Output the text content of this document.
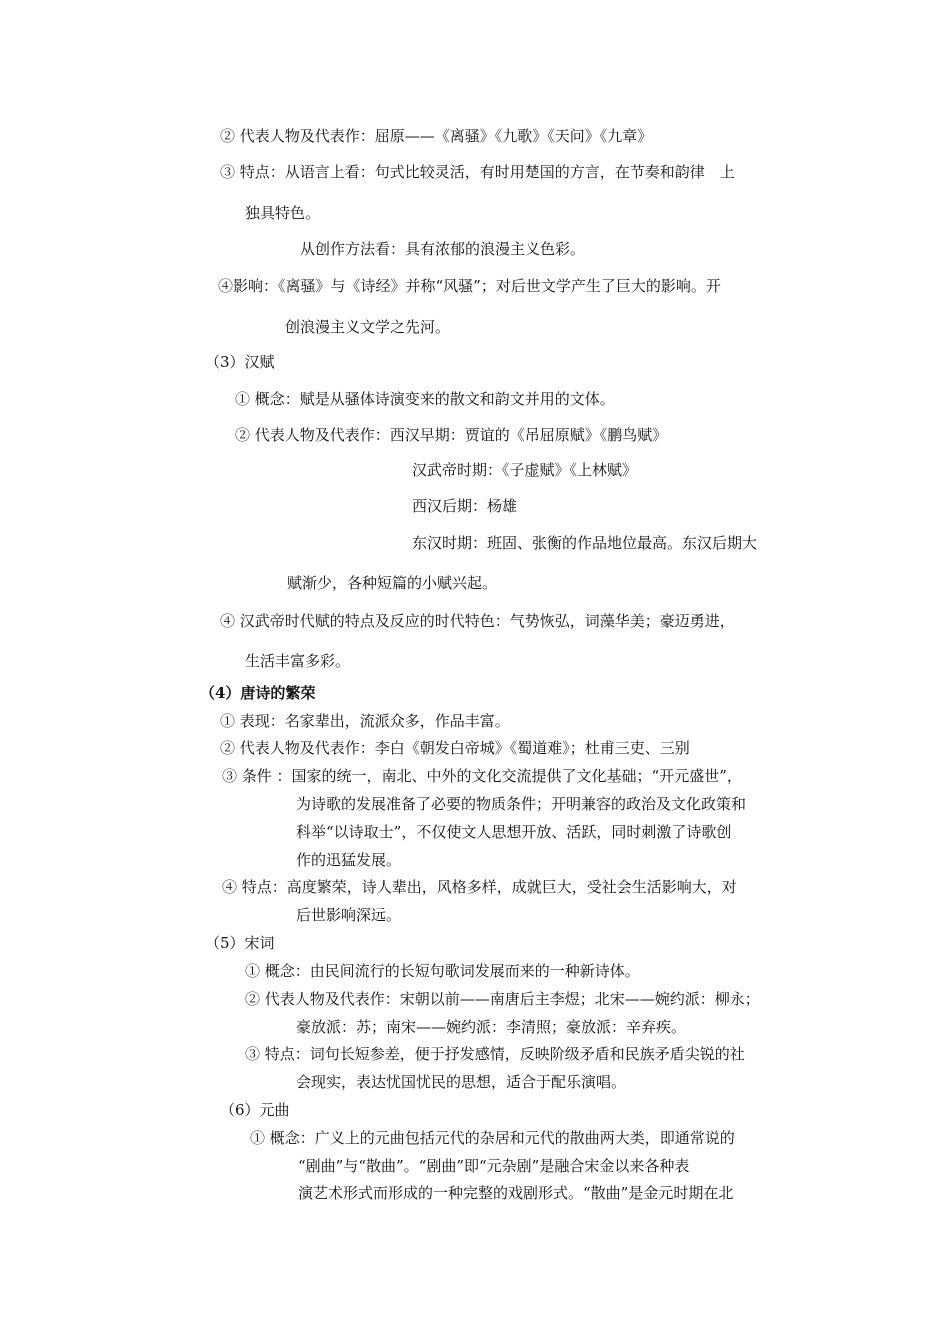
② 代表人物及代表作：屈原——《离骚》《九歌》《天问》《九章》
③ 特点：从语言上看：句式比较灵活，有时用楚国的方言，在节奏和韵律　上
独具特色。
从创作方法看：具有浓郁的浪漫主义色彩。
④影响：《离骚》与《诗经》并称“风骚”；对后世文学产生了巨大的影响。开
创浪漫主义文学之先河。
（3）汉赋
① 概念：赋是从骚体诗演变来的散文和韵文并用的文体。
② 代表人物及代表作：西汉早期：贾谊的《吊屈原赋》《鹏鸟赋》
汉武帝时期：《子虚赋》《上林赋》
西汉后期：杨雄
东汉时期：班固、张衡的作品地位最高。东汉后期大
赋渐少，各种短篇的小赋兴起。
④ 汉武帝时代赋的特点及反应的时代特色：气势恢弘，词藻华美；豪迈勇进，
生活丰富多彩。
（4）唐诗的繁荣
① 表现：名家辈出，流派众多，作品丰富。
② 代表人物及代表作：李白《朝发白帝城》《蜀道难》；杜甫三吏、三别
③ 条件 ：国家的统一，南北、中外的文化交流提供了文化基础；“开元盛世”，
为诗歌的发展准备了必要的物质条件；开明兼容的政治及文化政策和
科举“以诗取士”，不仅使文人思想开放、活跃，同时刺激了诗歌创
作的迅猛发展。
④ 特点：高度繁荣，诗人辈出，风格多样，成就巨大，受社会生活影响大，对
后世影响深远。
（5）宋词
① 概念：由民间流行的长短句歌词发展而来的一种新诗体。
② 代表人物及代表作：宋朝以前——南唐后主李煜；北宋——婉约派：柳永；
豪放派：苏；南宋——婉约派：李清照；豪放派：辛弃疾。
③ 特点：词句长短参差，便于抒发感情，反映阶级矛盾和民族矛盾尖锐的社
会现实，表达忧国忧民的思想，适合于配乐演唱。
（6）元曲
① 概念：广义上的元曲包括元代的杂居和元代的散曲两大类，即通常说的
“剧曲”与“散曲”。“剧曲”即“元杂剧”是融合宋金以来各种表
演艺术形式而形成的一种完整的戏剧形式。“散曲”是金元时期在北
